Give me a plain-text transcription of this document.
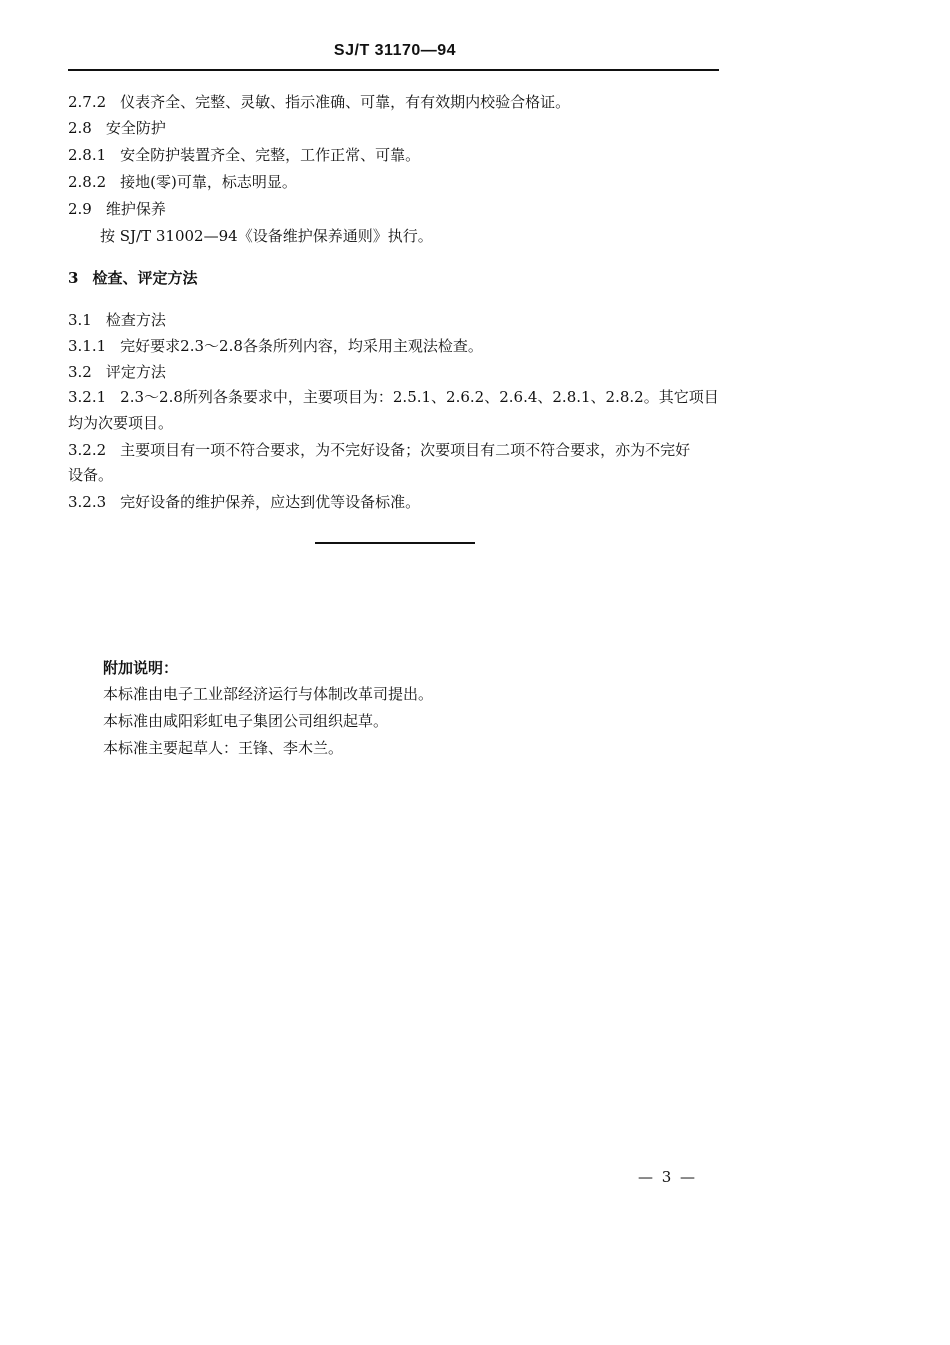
SJ/T 31170—94
2.7.2 仪表齐全、完整、灵敏、指示准确、可靠，有有效期内校验合格证。
2.8 安全防护
2.8.1 安全防护装置齐全、完整，工作正常、可靠。
2.8.2 接地(零)可靠，标志明显。
2.9 维护保养
按 SJ/T 31002—94《设备维护保养通则》执行。
3 检查、评定方法
3.1 检查方法
3.1.1 完好要求2.3～2.8各条所列内容，均采用主观法检查。
3.2 评定方法
3.2.1 2.3～2.8所列各条要求中，主要项目为：2.5.1、2.6.2、2.6.4、2.8.1、2.8.2。其它项目
均为次要项目。
3.2.2 主要项目有一项不符合要求，为不完好设备；次要项目有二项不符合要求，亦为不完好
设备。
3.2.3 完好设备的维护保养，应达到优等设备标准。
附加说明：
本标准由电子工业部经济运行与体制改革司提出。
本标准由咸阳彩虹电子集团公司组织起草。
本标准主要起草人：王锋、李木兰。
— 3 —
